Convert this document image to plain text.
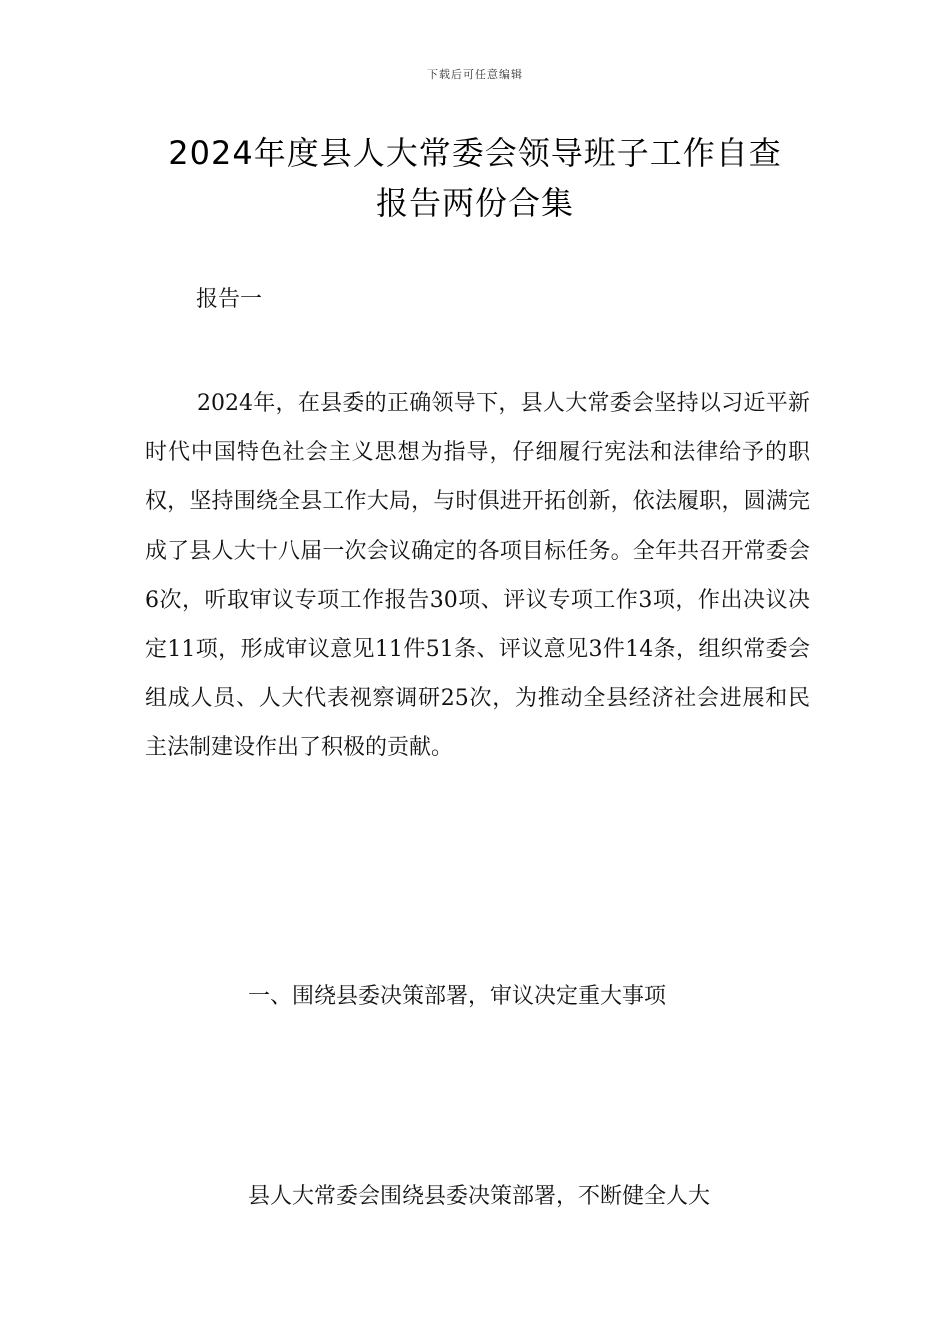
下载后可任意编辑
2024年度县人大常委会领导班子工作自查
报告两份合集
报告一

2024年，在县委的正确领导下，县人大常委会坚持以习近平新时代中国特色社会主义思想为指导，仔细履行宪法和法律给予的职权，坚持围绕全县工作大局，与时俱进开拓创新，依法履职，圆满完成了县人大十八届一次会议确定的各项目标任务。全年共召开常委会6次，听取审议专项工作报告30项、评议专项工作3项，作出决议决定11项，形成审议意见11件51条、评议意见3件14条，组织常委会组成人员、人大代表视察调研25次，为推动全县经济社会进展和民主法制建设作出了积极的贡献。

一、围绕县委决策部署，审议决定重大事项

县人大常委会围绕县委决策部署，不断健全人大
